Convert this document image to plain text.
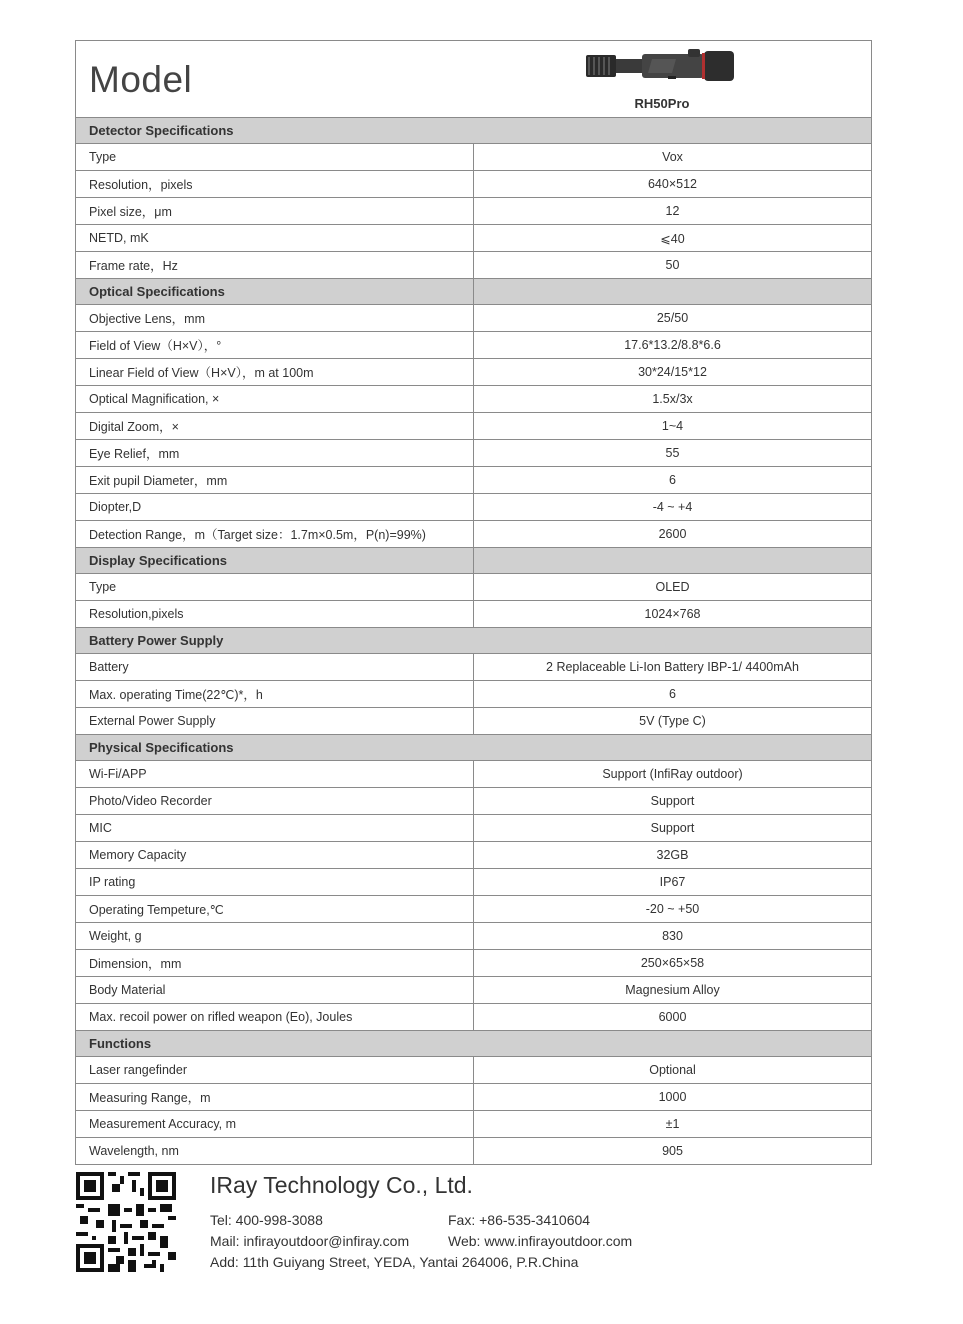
Model
RH50Pro
Detector Specifications	
Type	Vox
Resolution，pixels	640×512
Pixel size，μm	12
NETD, mK	⩽40
Frame rate，Hz	50
Optical Specifications	
Objective Lens，mm	25/50
Field of View（H×V），°	17.6*13.2/8.8*6.6
Linear Field of View（H×V），m at 100m	30*24/15*12
Optical Magnification, ×	1.5x/3x
Digital Zoom，×	1~4
Eye Relief，mm	55
Exit pupil Diameter，mm	6
Diopter,D	-4 ~ +4
Detection Range，m（Target size：1.7m×0.5m，P(n)=99%)	2600
Display Specifications	
Type	OLED
Resolution,pixels	1024×768
Battery Power Supply	
Battery	2 Replaceable Li-Ion Battery IBP-1/ 4400mAh
Max. operating Time(22℃)*，h	6
External Power Supply	5V (Type C)
Physical Specifications	
Wi-Fi/APP	Support (InfiRay outdoor)
Photo/Video Recorder	Support
MIC	Support
Memory Capacity	32GB
IP rating	IP67
Operating Tempeture,℃	-20 ~ +50
Weight, g	830
Dimension，mm	250×65×58
Body Material	Magnesium Alloy
Max. recoil power on rifled weapon (Eo), Joules	6000
Functions	
Laser rangefinder	Optional
Measuring Range，m	1000
Measurement Accuracy, m	±1
Wavelength, nm	905
IRay Technology Co., Ltd.
Tel: 400-998-3088	Fax: +86-535-3410604
Mail: infirayoutdoor@infiray.com	Web: www.infirayoutdoor.com
Add: 11th Guiyang Street, YEDA, Yantai 264006, P.R.China
